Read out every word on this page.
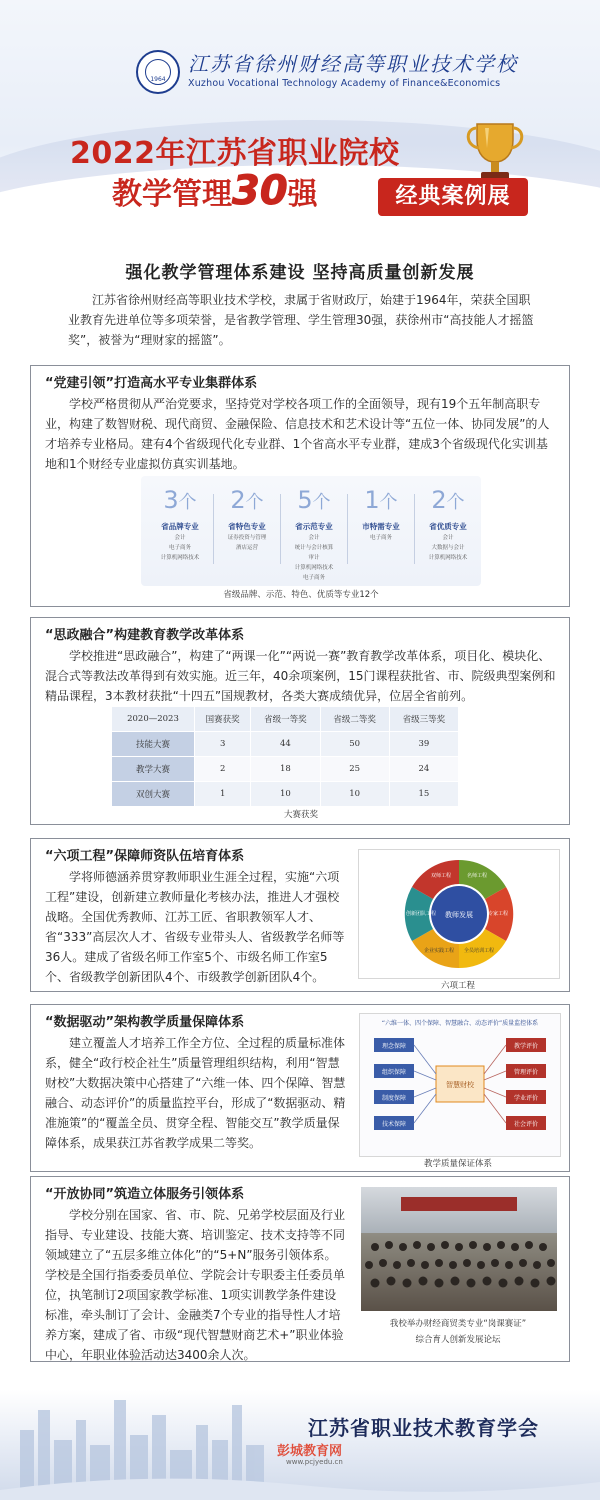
1964
江苏省徐州财经高等职业技术学校
Xuzhou Vocational Technology Academy of Finance&Economics
2022年江苏省职业院校
教学管理30强	经典案例展
强化教学管理体系建设 坚持高质量创新发展
江苏省徐州财经高等职业技术学校，隶属于省财政厅，始建于1964年，荣获全国职业教育先进单位等多项荣誉，是省教学管理、学生管理30强，获徐州市“高技能人才摇篮奖”，被誉为“理财家的摇篮”。
“党建引领”打造高水平专业集群体系
学校严格贯彻从严治党要求，坚持党对学校各项工作的全面领导，现有19个五年制高职专业，构建了数智财税、现代商贸、金融保险、信息技术和艺术设计等“五位一体、协同发展”的人才培养专业格局。建有4个省级现代化专业群、1个省高水平专业群，建成3个省级现代化实训基地和1个财经专业虚拟仿真实训基地。
3个
省品牌专业
会计
电子商务
计算机网络技术
2个
省特色专业
证券投资与管理
酒店运营
5个
省示范专业
会计
统计与会计核算
审计
计算机网络技术
电子商务
1个
市特需专业
电子商务
2个
省优质专业
会计
大数据与会计
计算机网络技术
省级品牌、示范、特色、优质等专业12个
“思政融合”构建教育教学改革体系
学校推进“思政融合”，构建了“两课一化”“两说一赛”教育教学改革体系，项目化、模块化、混合式等教法改革得到有效实施。近三年，40余项案例，15门课程获批省、市、院级典型案例和精品课程，3本教材获批“十四五”国规教材，各类大赛成绩优异，位居全省前列。
2020—2023	国赛获奖	省级一等奖	省级二等奖	省级三等奖
技能大赛	3	44	50	39
教学大赛	2	18	25	24
双创大赛	1	10	10	15
大赛获奖
“六项工程”保障师资队伍培育体系
学将师德涵养贯穿教师职业生涯全过程，实施“六项工程”建设，创新建立教师量化考核办法，推进人才强校战略。全国优秀教师、江苏工匠、省职教领军人才、省“333”高层次人才、省级专业带头人、省级教学名师等36人。建成了省级名师工作室5个、市级名师工作室5个、省级教学创新团队4个、市级教学创新团队4个。
教师发展
名师工程
专家工程
全员培训工程
企业实践工程
创新团队工程
双师工程
六项工程
“数据驱动”架构教学质量保障体系
建立覆盖人才培养工作全方位、全过程的质量标准体系，健全“政行校企社生”质量管理组织结构，利用“智慧财校”大数据决策中心搭建了“六维一体、四个保障、智慧融合、动态评价”的质量监控平台，形成了“数据驱动、精准施策”的“覆盖全员、贯穿全程、智能交互”教学质量保障体系，成果获江苏省教学成果二等奖。
“六维一体、四个保障、智慧融合、动态评价”质量监控体系
理念保障
组织保障
制度保障
技术保障
智慧财校
教学评价
管理评价
学业评价
社会评价
教学质量保证体系
“开放协同”筑造立体服务引领体系
学校分别在国家、省、市、院、兄弟学校层面及行业指导、专业建设、技能大赛、培训鉴定、技术支持等不同领域建立了“五层多维立体化”的“5+N”服务引领体系。学校是全国行指委委员单位、学院会计专职委主任委员单位，执笔制订2项国家教学标准、1项实训教学条件建设标准，牵头制订了会计、金融类7个专业的指导性人才培养方案，建成了省、市级“现代智慧财商艺术+”职业体验中心，年职业体验活动达3400余人次。
我校举办财经商贸类专业“岗课赛证”
综合育人创新发展论坛
江苏省职业技术教育学会
彭城教育网
www.pcjyedu.cn
